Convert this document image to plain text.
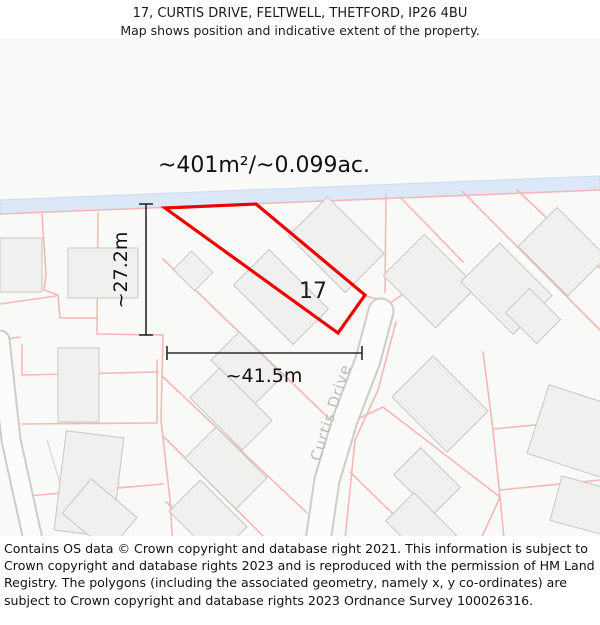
17, CURTIS DRIVE, FELTWELL, THETFORD, IP26 4BU
Map shows position and indicative extent of the property.
Curtis Drive
17
~27.2m
~41.5m
~401m²/~0.099ac.

Contains OS data © Crown copyright and database right 2021. This information is subject to Crown copyright and database rights 2023 and is reproduced with the permission of HM Land Registry. The polygons (including the associated geometry, namely x, y co-ordinates) are subject to Crown copyright and database rights 2023 Ordnance Survey 100026316.
